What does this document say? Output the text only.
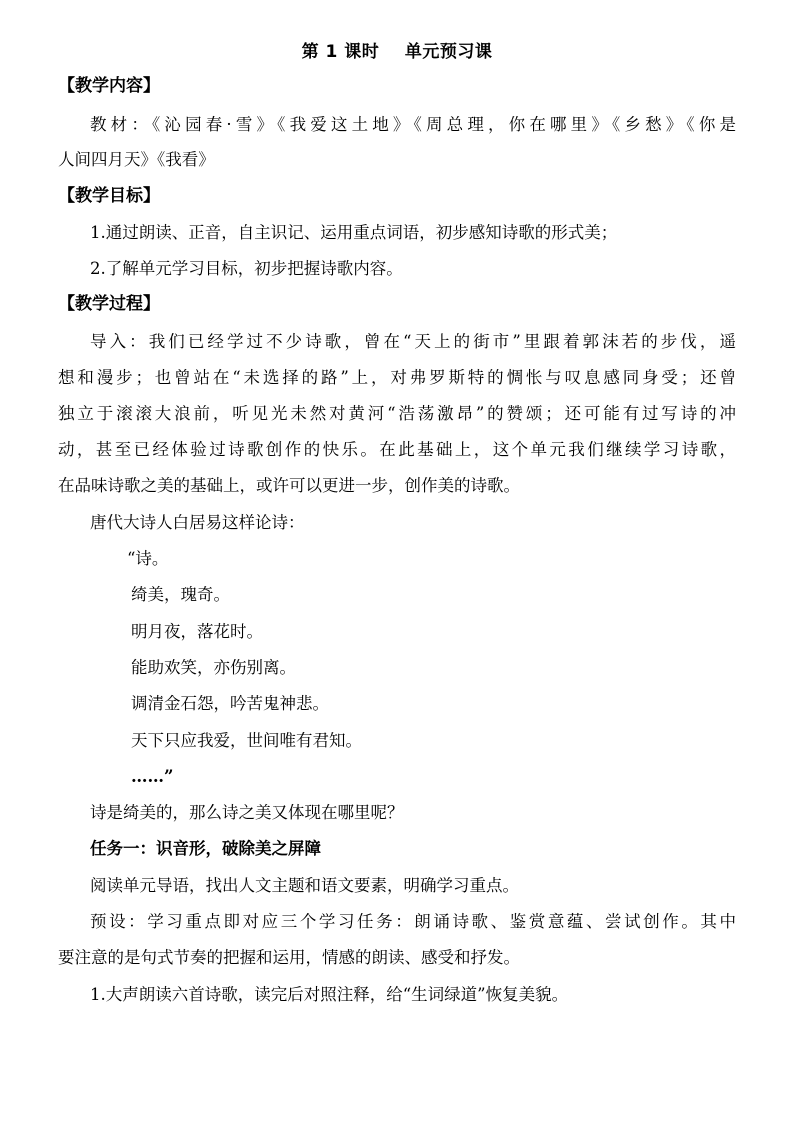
第 1 课时    单元预习课
【教学内容】
教材：《沁园春·雪》《我爱这土地》《周总理，你在哪里》《乡愁》《你是
人间四月天》《我看》
【教学目标】
1.通过朗读、正音，自主识记、运用重点词语，初步感知诗歌的形式美；
2.了解单元学习目标，初步把握诗歌内容。
【教学过程】
导入：我们已经学过不少诗歌，曾在“天上的街市”里跟着郭沫若的步伐，遥
想和漫步；也曾站在“未选择的路”上，对弗罗斯特的惆怅与叹息感同身受；还曾
独立于滚滚大浪前，听见光未然对黄河“浩荡激昂”的赞颂；还可能有过写诗的冲
动，甚至已经体验过诗歌创作的快乐。在此基础上，这个单元我们继续学习诗歌，
在品味诗歌之美的基础上，或许可以更进一步，创作美的诗歌。
唐代大诗人白居易这样论诗：
“诗。
绮美，瑰奇。
明月夜，落花时。
能助欢笑，亦伤别离。
调清金石怨，吟苦鬼神悲。
天下只应我爱，世间唯有君知。
……”
诗是绮美的，那么诗之美又体现在哪里呢？
任务一：识音形，破除美之屏障
阅读单元导语，找出人文主题和语文要素，明确学习重点。
预设：学习重点即对应三个学习任务：朗诵诗歌、鉴赏意蕴、尝试创作。其中
要注意的是句式节奏的把握和运用，情感的朗读、感受和抒发。
1.大声朗读六首诗歌，读完后对照注释，给“生词绿道”恢复美貌。
